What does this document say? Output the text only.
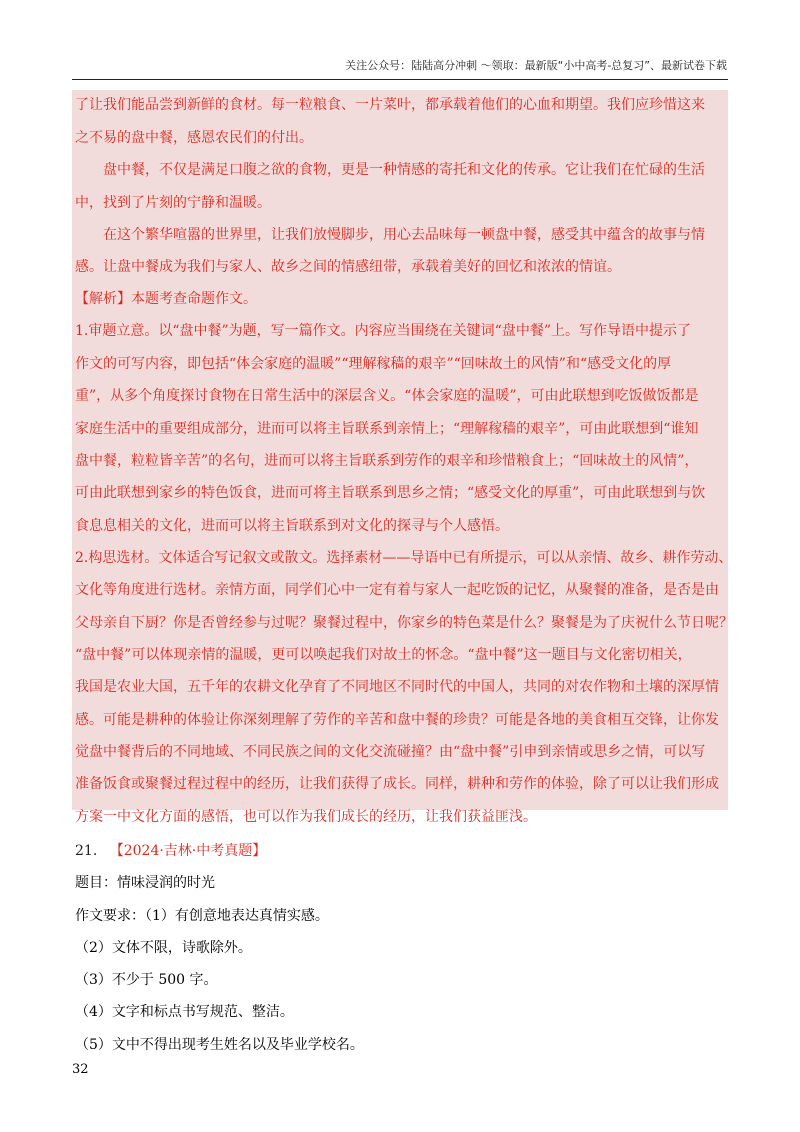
关注公众号：陆陆高分冲刺 〜领取：最新版“小中高考-总复习”、最新试卷下载
了让我们能品尝到新鲜的食材。每一粒粮食、一片菜叶，都承载着他们的心血和期望。我们应珍惜这来
之不易的盘中餐，感恩农民们的付出。
盘中餐，不仅是满足口腹之欲的食物，更是一种情感的寄托和文化的传承。它让我们在忙碌的生活
中，找到了片刻的宁静和温暖。
在这个繁华喧嚣的世界里，让我们放慢脚步，用心去品味每一顿盘中餐，感受其中蕴含的故事与情
感。让盘中餐成为我们与家人、故乡之间的情感纽带，承载着美好的回忆和浓浓的情谊。
【解析】本题考查命题作文。
1.审题立意。以“盘中餐”为题，写一篇作文。内容应当围绕在关键词“盘中餐”上。写作导语中提示了
作文的可写内容，即包括“体会家庭的温暖”“理解稼穑的艰辛”“回味故土的风情”和“感受文化的厚
重”，从多个角度探讨食物在日常生活中的深层含义。“体会家庭的温暖”，可由此联想到吃饭做饭都是
家庭生活中的重要组成部分，进而可以将主旨联系到亲情上；“理解稼穑的艰辛”，可由此联想到“谁知
盘中餐，粒粒皆辛苦”的名句，进而可以将主旨联系到劳作的艰辛和珍惜粮食上；“回味故土的风情”，
可由此联想到家乡的特色饭食，进而可将主旨联系到思乡之情；“感受文化的厚重”，可由此联想到与饮
食息息相关的文化，进而可以将主旨联系到对文化的探寻与个人感悟。
2.构思选材。文体适合写记叙文或散文。选择素材——导语中已有所提示，可以从亲情、故乡、耕作劳动、
文化等角度进行选材。亲情方面，同学们心中一定有着与家人一起吃饭的记忆，从聚餐的准备，是否是由
父母亲自下厨？你是否曾经参与过呢？聚餐过程中，你家乡的特色菜是什么？聚餐是为了庆祝什么节日呢？
“盘中餐”可以体现亲情的温暖，更可以唤起我们对故土的怀念。“盘中餐”这一题目与文化密切相关，
我国是农业大国，五千年的农耕文化孕育了不同地区不同时代的中国人，共同的对农作物和土壤的深厚情
感。可能是耕种的体验让你深刻理解了劳作的辛苦和盘中餐的珍贵？可能是各地的美食相互交锋，让你发
觉盘中餐背后的不同地域、不同民族之间的文化交流碰撞？由“盘中餐”引申到亲情或思乡之情，可以写
准备饭食或聚餐过程过程中的经历，让我们获得了成长。同样，耕种和劳作的体验，除了可以让我们形成
方案一中文化方面的感悟，也可以作为我们成长的经历，让我们获益匪浅。
21. 【2024·吉林·中考真题】
题目：情味浸润的时光
作文要求：（1）有创意地表达真情实感。
（2）文体不限，诗歌除外。
（3）不少于 500 字。
（4）文字和标点书写规范、整洁。
（5）文中不得出现考生姓名以及毕业学校名。
32
